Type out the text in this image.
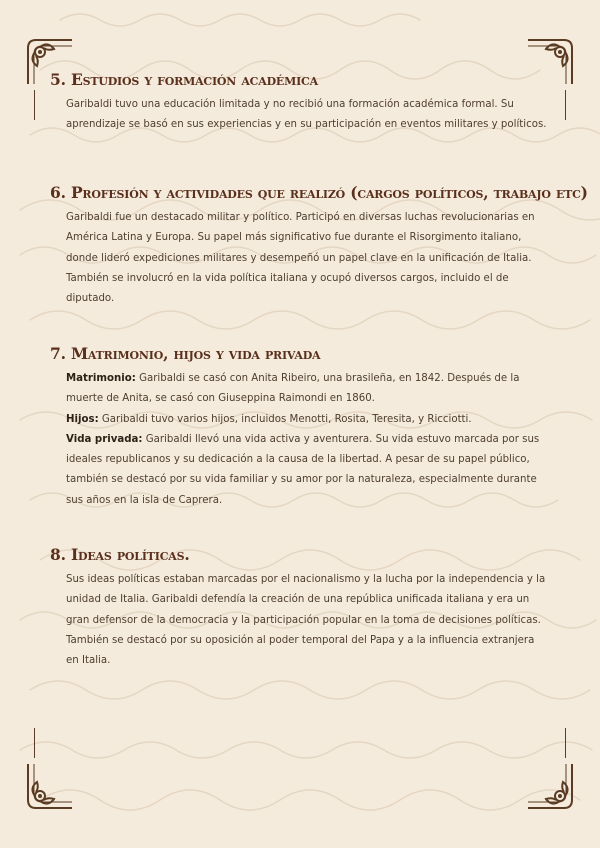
5. Estudios y formación académica

Garibaldi tuvo una educación limitada y no recibió una formación académica formal. Su aprendizaje se basó en sus experiencias y en su participación en eventos militares y políticos.

6. Profesión y actividades que realizó (cargos políticos, trabajo etc)

Garibaldi fue un destacado militar y político. Participó en diversas luchas revolucionarias en América Latina y Europa. Su papel más significativo fue durante el Risorgimento italiano, donde lideró expediciones militares y desempeñó un papel clave en la unificación de Italia. También se involucró en la vida política italiana y ocupó diversos cargos, incluido el de diputado.

7. Matrimonio, hijos y vida privada

Matrimonio: Garibaldi se casó con Anita Ribeiro, una brasileña, en 1842. Después de la muerte de Anita, se casó con Giuseppina Raimondi en 1860.
Hijos: Garibaldi tuvo varios hijos, incluidos Menotti, Rosita, Teresita, y Ricciotti.
Vida privada: Garibaldi llevó una vida activa y aventurera. Su vida estuvo marcada por sus ideales republicanos y su dedicación a la causa de la libertad. A pesar de su papel público, también se destacó por su vida familiar y su amor por la naturaleza, especialmente durante sus años en la isla de Caprera.

8. Ideas políticas.

Sus ideas políticas estaban marcadas por el nacionalismo y la lucha por la independencia y la unidad de Italia. Garibaldi defendía la creación de una república unificada italiana y era un gran defensor de la democracia y la participación popular en la toma de decisiones políticas. También se destacó por su oposición al poder temporal del Papa y a la influencia extranjera en Italia.
